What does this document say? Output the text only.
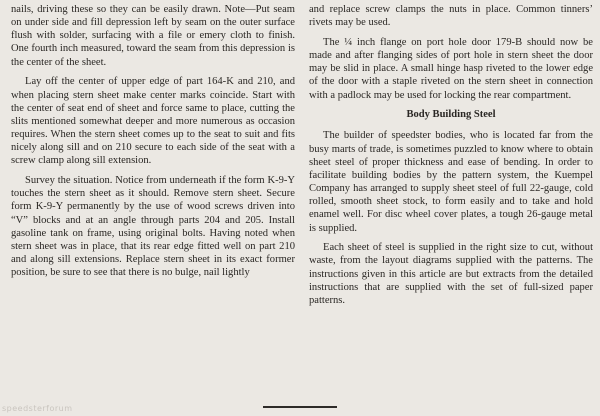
nails, driving these so they can be easily drawn. Note—Put seam on under side and fill depression left by seam on the outer surface flush with solder, surfacing with a file or emery cloth to finish. One fourth inch measured, toward the seam from this depression is the center of the sheet.

Lay off the center of upper edge of part 164-K and 210, and when placing stern sheet make center marks coincide. Start with the center of seat end of sheet and force same to place, cutting the slits mentioned somewhat deeper and more numerous as occasion requires. When the stern sheet comes up to the seat to suit and fits nicely along sill and on 210 secure to each side of the seat with a screw clamp along sill extension.

Survey the situation. Notice from underneath if the form K-9-Y touches the stern sheet as it should. Remove stern sheet. Secure form K-9-Y permanently by the use of wood screws driven into “V” blocks and at an angle through parts 204 and 205. Install gasoline tank on frame, using original bolts. Having noted when stern sheet was in place, that its rear edge fitted well on part 210 and along sill extensions. Replace stern sheet in its exact former position, be sure to see that there is no bulge, nail lightly

and replace screw clamps the nuts in place. Common tinners’ rivets may be used.

The ¼ inch flange on port hole door 179-B should now be made and after flanging sides of port hole in stern sheet the door may be slid in place. A small hinge hasp riveted to the lower edge of the door with a staple riveted on the stern sheet in connection with a padlock may be used for locking the rear compartment.

Body Building Steel

The builder of speedster bodies, who is located far from the busy marts of trade, is sometimes puzzled to know where to obtain sheet steel of proper thickness and ease of bending. In order to facilitate building bodies by the pattern system, the Kuempel Company has arranged to supply sheet steel of full 22-gauge, cold rolled, smooth sheet stock, to form easily and to take and hold enamel well. For disc wheel cover plates, a tough 26-gauge metal is supplied.

Each sheet of steel is supplied in the right size to cut, without waste, from the layout diagrams supplied with the patterns. The instructions given in this article are but extracts from the detailed instructions that are supplied with the set of full-sized paper patterns.

speedsterforum
